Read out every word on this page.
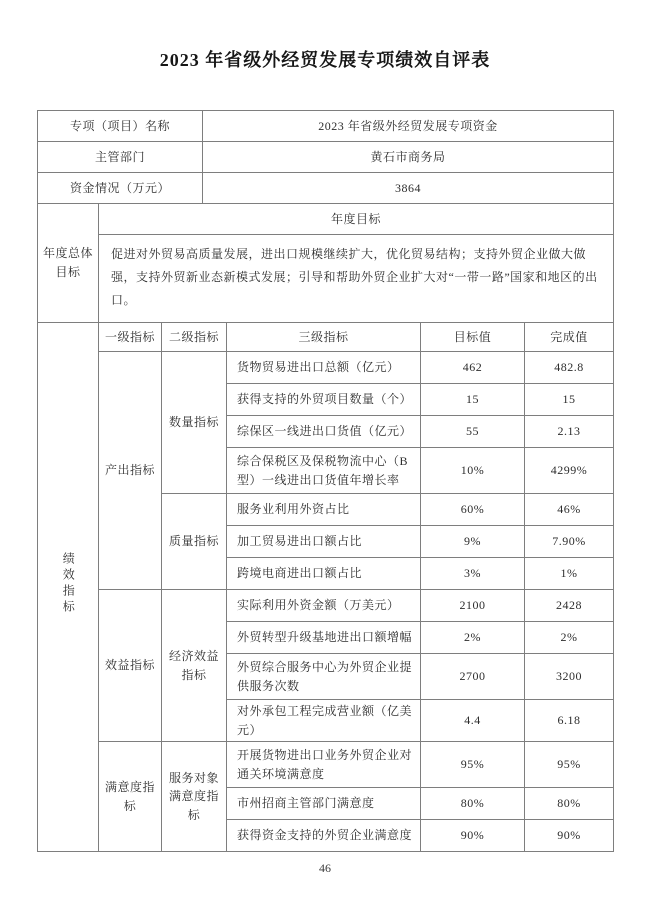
2023 年省级外经贸发展专项绩效自评表
专项（项目）名称	2023 年省级外经贸发展专项资金
主管部门	黄石市商务局
资金情况（万元）	3864
年度总体目标	年度目标
促进对外贸易高质量发展，进出口规模继续扩大，优化贸易结构；支持外贸企业做大做强，支持外贸新业态新模式发展；引导和帮助外贸企业扩大对“一带一路”国家和地区的出口。
绩效指标	一级指标	二级指标	三级指标	目标值	完成值
	产出指标	数量指标	货物贸易进出口总额（亿元）	462	482.8
			获得支持的外贸项目数量（个）	15	15
			综保区一线进出口货值（亿元）	55	2.13
			综合保税区及保税物流中心（B 型）一线进出口货值年增长率	10%	4299%
		质量指标	服务业利用外资占比	60%	46%
			加工贸易进出口额占比	9%	7.90%
			跨境电商进出口额占比	3%	1%
	效益指标	经济效益指标	实际利用外资金额（万美元）	2100	2428
			外贸转型升级基地进出口额增幅	2%	2%
			外贸综合服务中心为外贸企业提供服务次数	2700	3200
			对外承包工程完成营业额（亿美元）	4.4	6.18
	满意度指标	服务对象满意度指标	开展货物进出口业务外贸企业对通关环境满意度	95%	95%
			市州招商主管部门满意度	80%	80%
			获得资金支持的外贸企业满意度	90%	90%
46
